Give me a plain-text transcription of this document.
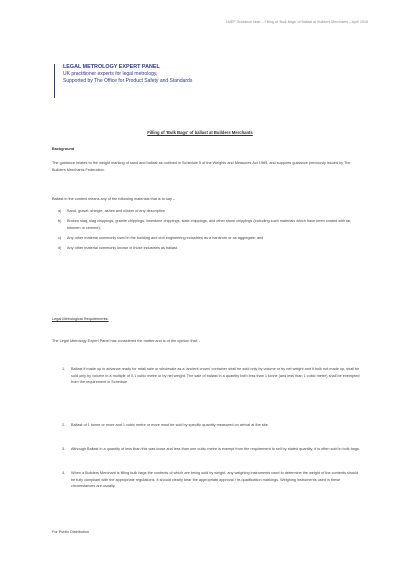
LMEP Guidance Note – Filling of 'Bulk Bags' of Ballast at Builders Merchants – April 2016
LEGAL METROLOGY EXPERT PANEL
UK practitioner experts for legal metrology,
Supported by The Office for Product Safety and Standards
Filling of 'Bulk Bags' of ballast at Builders Merchants
Background
The guidance relates to the weight marking of sand and ballast as outlined in Schedule 5 of the Weights and Measures Act 1985, and supports guidance previously issued by The Builders Merchants Federation.
Ballast in the context means any of the following materials that is to say –
a)	Sand, gravel, shingle, ashes and clinker of any description
b)	Broken slag, slag chippings, granite chippings, limestone chippings, slate chippings, and other stone chippings (including such materials which have been coated with tar, bitumen or cement);
c)	Any other material commonly used in the building and civil engineering industries as a hardcore or as aggregate; and
d)	Any other material commonly known in those industries as ballast.
Legal Metrological Requirements.
The Legal Metrology Expert Panel has considered the matter and is of the opinion that: -
1.	Ballast if made up in advance ready for retail sale or wholesale as a 'ancient crown' container shall be sold only by volume or by net weight and if bulk not made up, shall be sold only by volume in a multiple of 0.1 cubic metre or by net weight. The sale of ballast in a quantity both less than 1 tonne (and less than 1 cubic metre) shall be exempted from the requirement in Schedule.
2.	Ballast of 1 tonne or more and 1 cubic metre or more must be sold by specific quantity measured on arrival at the site.
3.	Although Ballast in a quantity of less than this was loose and less than one cubic metre is exempt from the requirement to sell by stated quantity, it is often sold in bulk bags.
4.	When a Builders Merchant is filling bulk bags the contents of which are being sold by weight, any weighing instruments used to determine the weight of the contents should be fully compliant with the appropriate regulations. It should clearly bear the appropriate approval / re-qualification markings. Weighing instruments used in these circumstances are usually
For Public Distribution
